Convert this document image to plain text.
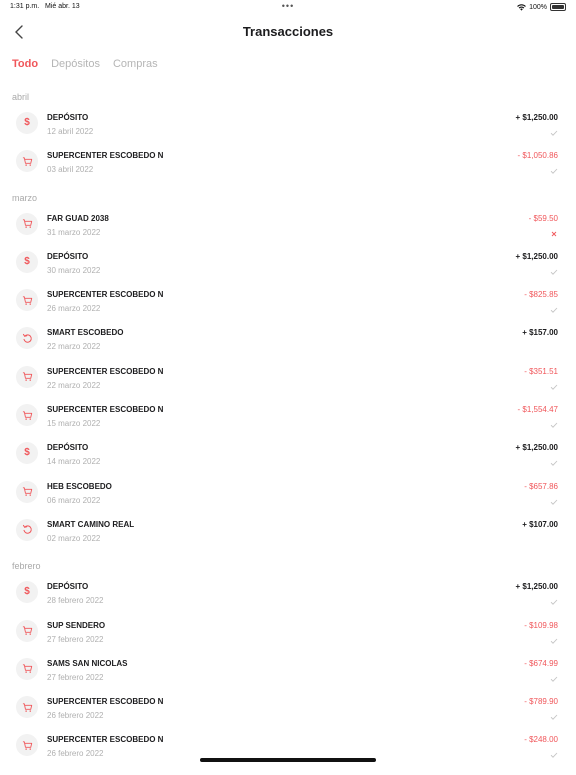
1:31 p.m. Mié abr. 13	•••	100%
Transacciones
Todo Depósitos Compras
abril
$ DEPÓSITO
12 abril 2022
+ $1,250.00
SUPERCENTER ESCOBEDO N
03 abril 2022
- $1,050.86
marzo
FAR GUAD 2038
31 marzo 2022
- $59.50
$ DEPÓSITO
30 marzo 2022
+ $1,250.00
SUPERCENTER ESCOBEDO N
26 marzo 2022
- $825.85
SMART ESCOBEDO
22 marzo 2022
+ $157.00
SUPERCENTER ESCOBEDO N
22 marzo 2022
- $351.51
SUPERCENTER ESCOBEDO N
15 marzo 2022
- $1,554.47
$ DEPÓSITO
14 marzo 2022
+ $1,250.00
HEB ESCOBEDO
06 marzo 2022
- $657.86
SMART CAMINO REAL
02 marzo 2022
+ $107.00
febrero
$ DEPÓSITO
28 febrero 2022
+ $1,250.00
SUP SENDERO
27 febrero 2022
- $109.98
SAMS SAN NICOLAS
27 febrero 2022
- $674.99
SUPERCENTER ESCOBEDO N
26 febrero 2022
- $789.90
SUPERCENTER ESCOBEDO N
26 febrero 2022
- $248.00
